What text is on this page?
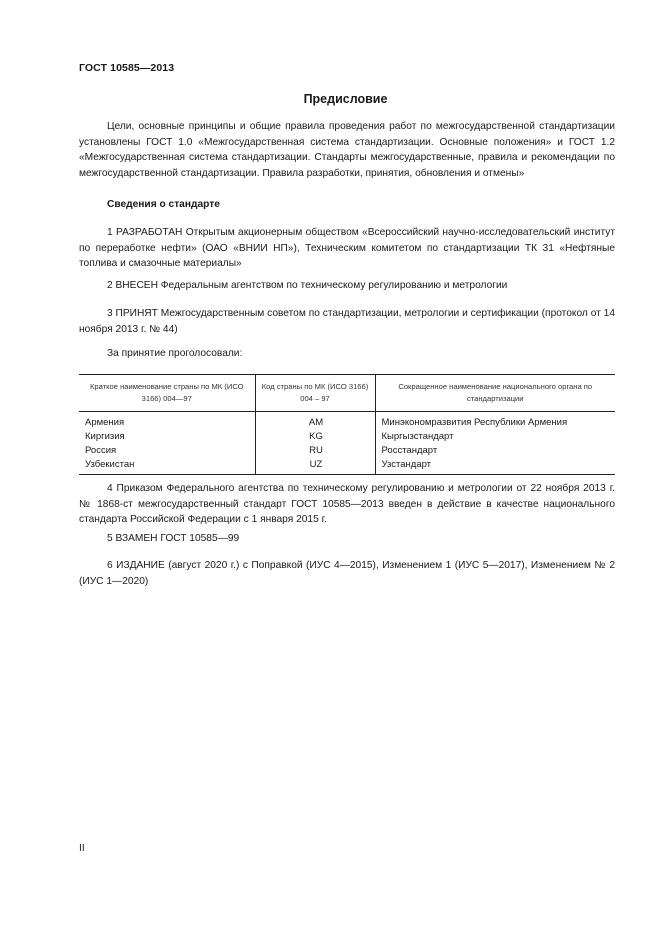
ГОСТ 10585—2013
Предисловие
Цели, основные принципы и общие правила проведения работ по межгосударственной стандартизации установлены ГОСТ 1.0 «Межгосударственная система стандартизации. Основные положения» и ГОСТ 1.2 «Межгосударственная система стандартизации. Стандарты межгосударственные, правила и рекомендации по межгосударственной стандартизации. Правила разработки, принятия, обновления и отмены»
Сведения о стандарте
1 РАЗРАБОТАН Открытым акционерным обществом «Всероссийский научно-исследовательский институт по переработке нефти» (ОАО «ВНИИ НП»), Техническим комитетом по стандартизации ТК 31 «Нефтяные топлива и смазочные материалы»
2 ВНЕСЕН Федеральным агентством по техническому регулированию и метрологии
3 ПРИНЯТ Межгосударственным советом по стандартизации, метрологии и сертификации (протокол от 14 ноября 2013 г. № 44)
За принятие проголосовали:
Краткое наименование страны по МК (ИСО 3166) 004—97	Код страны по МК (ИСО 3166) 004 – 97	Сокращенное наименование национального органа по стандартизации
Армения	AM	Минэкономразвития Республики Армения
Киргизия	KG	Кыргызстандарт
Россия	RU	Росстандарт
Узбекистан	UZ	Узстандарт
4 Приказом Федерального агентства по техническому регулированию и метрологии от 22 ноября 2013 г. № 1868-ст межгосударственный стандарт ГОСТ 10585—2013 введен в действие в качестве национального стандарта Российской Федерации с 1 января 2015 г.
5 ВЗАМЕН ГОСТ 10585—99
6 ИЗДАНИЕ (август 2020 г.) с Поправкой (ИУС 4—2015), Изменением 1 (ИУС 5—2017), Изменением № 2 (ИУС 1—2020)
II
